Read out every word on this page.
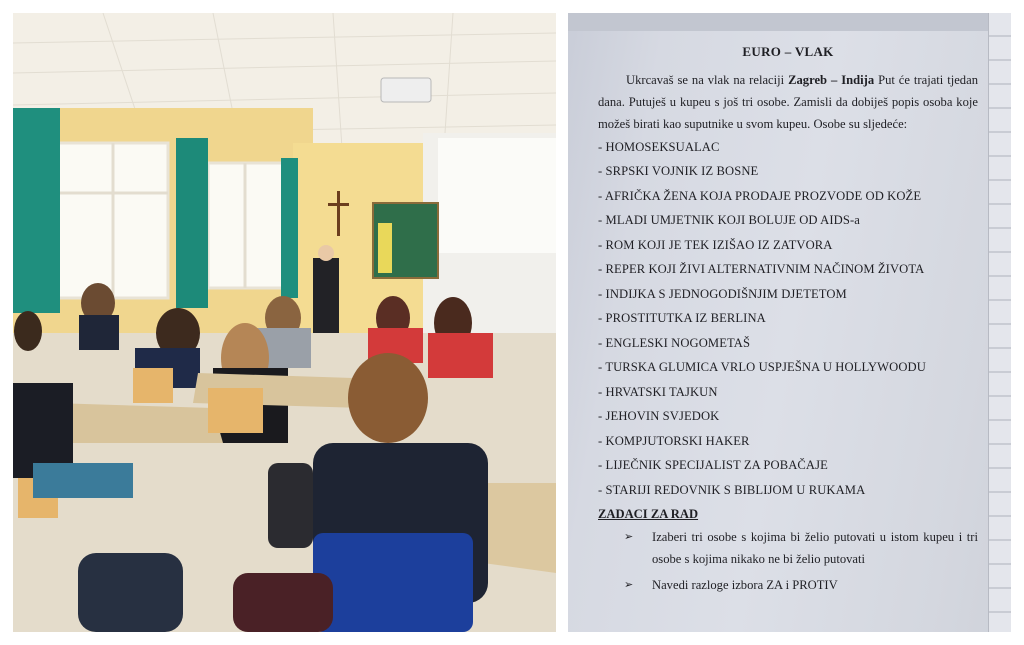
EURO – VLAK

Ukrcavaš se na vlak na relaciji Zagreb – Indija Put će trajati tjedan dana. Putuješ u kupeu s još tri osobe. Zamisli da dobiješ popis osoba koje možeš birati kao suputnike u svom kupeu. Osobe su sljedeće:

- HOMOSEKSUALAC
- SRPSKI VOJNIK IZ BOSNE
- AFRIČKA ŽENA KOJA PRODAJE PROZVODE OD KOŽE
- MLADI UMJETNIK KOJI BOLUJE OD AIDS-a
- ROM KOJI JE TEK IZIŠAO IZ ZATVORA
- REPER KOJI ŽIVI ALTERNATIVNIM NAČINOM ŽIVOTA
- INDIJKA S JEDNOGODIŠNJIM DJETETOM
- PROSTITUTKA IZ BERLINA
- ENGLESKI NOGOMETAŠ
- TURSKA GLUMICA VRLO USPJEŠNA U HOLLYWOODU
- HRVATSKI TAJKUN
- JEHOVIN SVJEDOK
- KOMPJUTORSKI HAKER
- LIJEČNIK SPECIJALIST ZA POBAČAJE
- STARIJI REDOVNIK S BIBLIJOM U RUKAMA
ZADACI ZA RAD
➢ Izaberi tri osobe s kojima bi želio putovati u istom kupeu i tri osobe s kojima nikako ne bi želio putovati
➢ Navedi razloge izbora ZA i PROTIV
